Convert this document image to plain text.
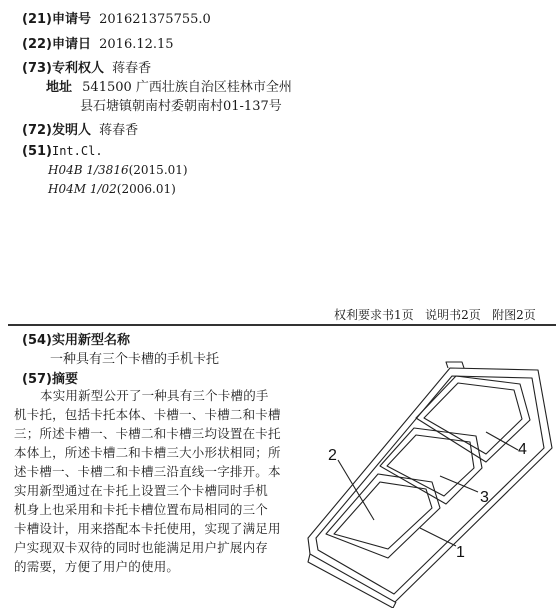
(21)申请号 201621375755.0
(22)申请日 2016.12.15
(73)专利权人 蒋春香
地址 541500 广西壮族自治区桂林市全州
县石塘镇朝南村委朝南村01-137号
(72)发明人 蒋春香
(51)Int.Cl.
H04B 1/3816(2015.01)
H04M 1/02(2006.01)
权利要求书1页   说明书2页   附图2页
(54)实用新型名称
一种具有三个卡槽的手机卡托
(57)摘要
本实用新型公开了一种具有三个卡槽的手
机卡托，包括卡托本体、卡槽一、卡槽二和卡槽
三；所述卡槽一、卡槽二和卡槽三均设置在卡托
本体上，所述卡槽二和卡槽三大小形状相同；所
述卡槽一、卡槽二和卡槽三沿直线一字排开。本
实用新型通过在卡托上设置三个卡槽同时手机
机身上也采用和卡托卡槽位置布局相同的三个
卡槽设计，用来搭配本卡托使用，实现了满足用
户实现双卡双待的同时也能满足用户扩展内存
的需要，方便了用户的使用。
2
3
4
1
